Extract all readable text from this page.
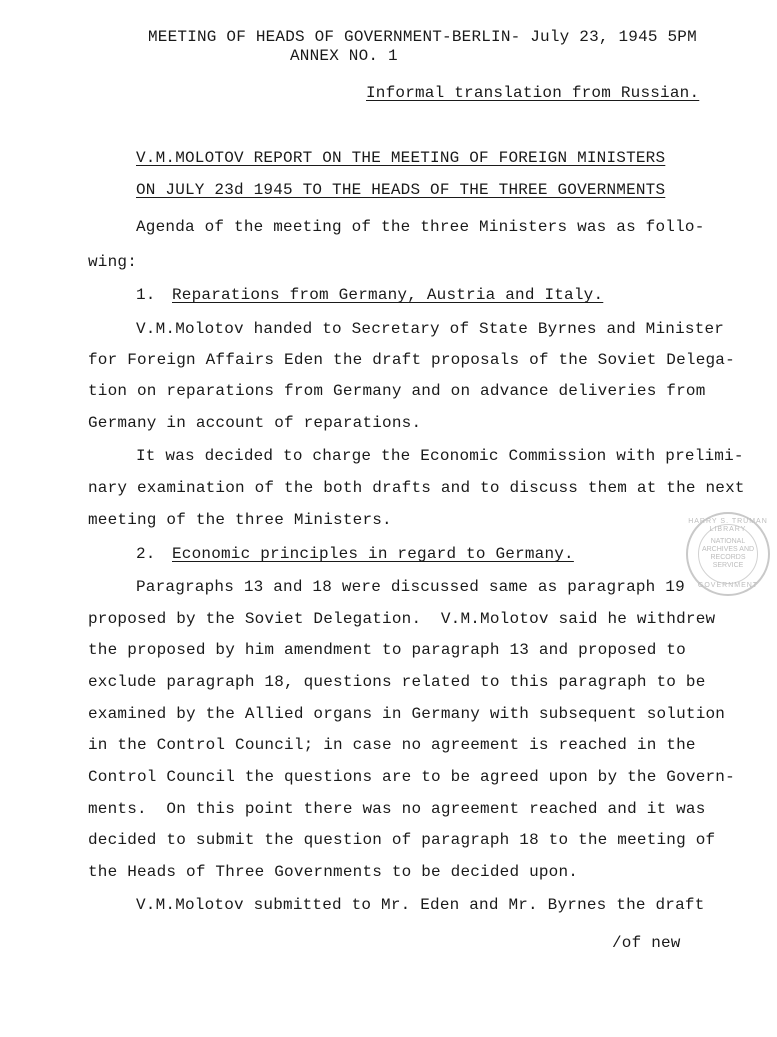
MEETING OF HEADS OF GOVERNMENT-BERLIN- July 23, 1945 5PM
ANNEX NO. 1
Informal translation from Russian.
V.M.MOLOTOV REPORT ON THE MEETING OF FOREIGN MINISTERS
ON JULY 23d 1945 TO THE HEADS OF THE THREE GOVERNMENTS
Agenda of the meeting of the three Ministers was as follo-
wing:
1. Reparations from Germany, Austria and Italy.
V.M.Molotov handed to Secretary of State Byrnes and Minister
for Foreign Affairs Eden the draft proposals of the Soviet Delega-
tion on reparations from Germany and on advance deliveries from
Germany in account of reparations.
It was decided to charge the Economic Commission with prelimi-
nary examination of the both drafts and to discuss them at the next
meeting of the three Ministers.
2. Economic principles in regard to Germany.
Paragraphs 13 and 18 were discussed same as paragraph 19
proposed by the Soviet Delegation.  V.M.Molotov said he withdrew
the proposed by him amendment to paragraph 13 and proposed to
exclude paragraph 18, questions related to this paragraph to be
examined by the Allied organs in Germany with subsequent solution
in the Control Council; in case no agreement is reached in the
Control Council the questions are to be agreed upon by the Govern-
ments.  On this point there was no agreement reached and it was
decided to submit the question of paragraph 18 to the meeting of
the Heads of Three Governments to be decided upon.
V.M.Molotov submitted to Mr. Eden and Mr. Byrnes the draft
/of new
HARRY S. TRUMAN LIBRARY
NATIONAL
ARCHIVES AND
RECORDS
SERVICE
GOVERNMENT
